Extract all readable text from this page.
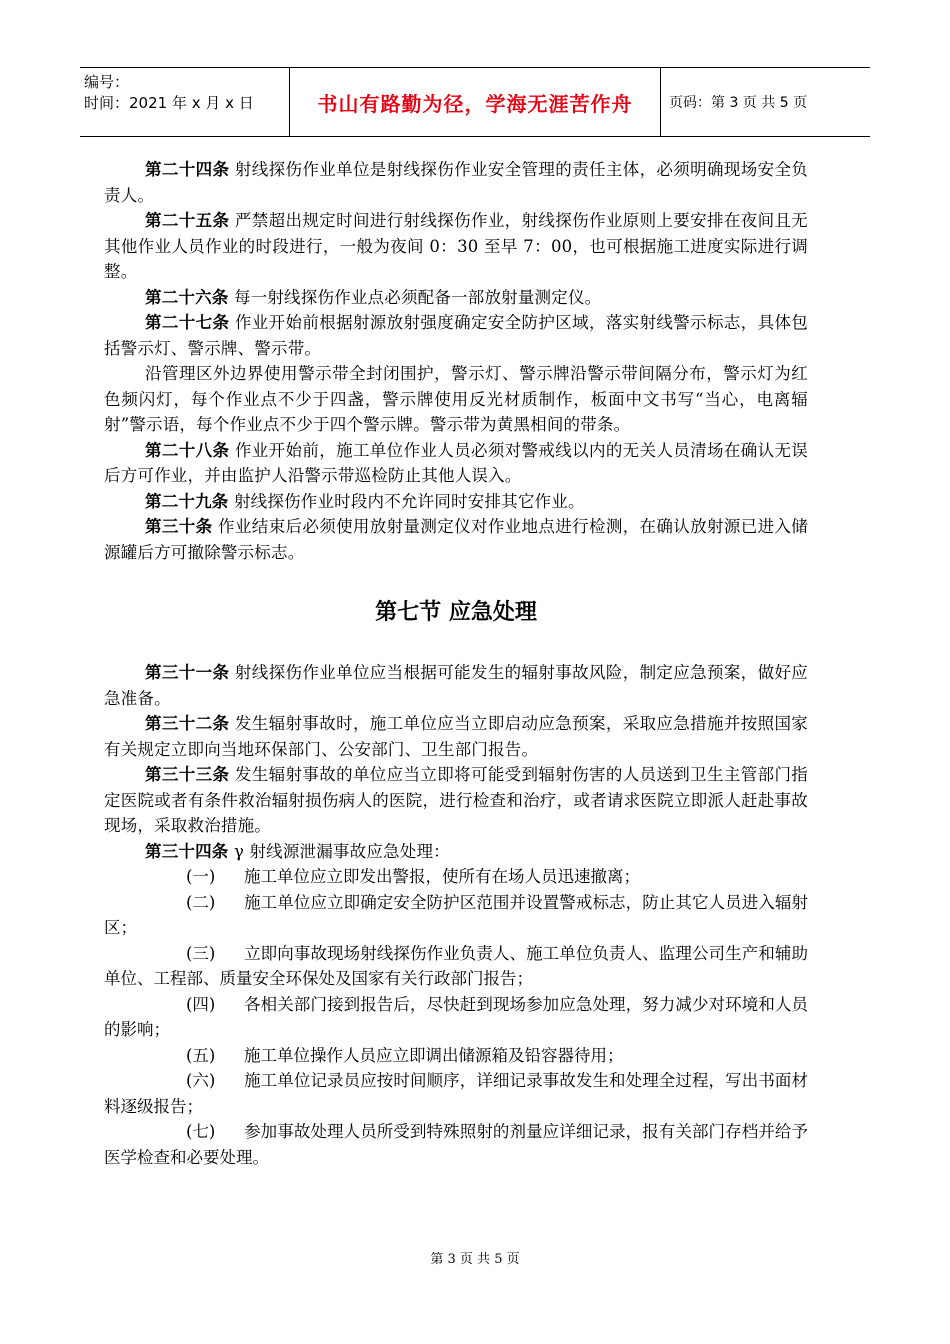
编号：
时间：2021 年 x 月 x 日	书山有路勤为径，学海无涯苦作舟	页码：第 3 页 共 5 页

第二十四条 射线探伤作业单位是射线探伤作业安全管理的责任主体，必须明确现场安全负责人。

第二十五条 严禁超出规定时间进行射线探伤作业，射线探伤作业原则上要安排在夜间且无其他作业人员作业的时段进行，一般为夜间 0：30 至早 7：00，也可根据施工进度实际进行调整。

第二十六条 每一射线探伤作业点必须配备一部放射量测定仪。

第二十七条 作业开始前根据射源放射强度确定安全防护区域，落实射线警示标志，具体包括警示灯、警示牌、警示带。

沿管理区外边界使用警示带全封闭围护，警示灯、警示牌沿警示带间隔分布，警示灯为红色频闪灯，每个作业点不少于四盏，警示牌使用反光材质制作，板面中文书写“当心，电离辐射”警示语，每个作业点不少于四个警示牌。警示带为黄黑相间的带条。

第二十八条 作业开始前，施工单位作业人员必须对警戒线以内的无关人员清场在确认无误后方可作业，并由监护人沿警示带巡检防止其他人误入。

第二十九条 射线探伤作业时段内不允许同时安排其它作业。

第三十条 作业结束后必须使用放射量测定仪对作业地点进行检测，在确认放射源已进入储源罐后方可撤除警示标志。

第七节 应急处理

第三十一条 射线探伤作业单位应当根据可能发生的辐射事故风险，制定应急预案，做好应急准备。

第三十二条 发生辐射事故时，施工单位应当立即启动应急预案，采取应急措施并按照国家有关规定立即向当地环保部门、公安部门、卫生部门报告。

第三十三条 发生辐射事故的单位应当立即将可能受到辐射伤害的人员送到卫生主管部门指定医院或者有条件救治辐射损伤病人的医院，进行检查和治疗，或者请求医院立即派人赶赴事故现场，采取救治措施。

第三十四条 γ 射线源泄漏事故应急处理：

(一) 施工单位应立即发出警报，使所有在场人员迅速撤离；

(二) 施工单位应立即确定安全防护区范围并设置警戒标志，防止其它人员进入辐射区；

(三) 立即向事故现场射线探伤作业负责人、施工单位负责人、监理公司生产和辅助单位、工程部、质量安全环保处及国家有关行政部门报告；

(四) 各相关部门接到报告后，尽快赶到现场参加应急处理，努力减少对环境和人员的影响；

(五) 施工单位操作人员应立即调出储源箱及铅容器待用；

(六) 施工单位记录员应按时间顺序，详细记录事故发生和处理全过程，写出书面材料逐级报告；

(七) 参加事故处理人员所受到特殊照射的剂量应详细记录，报有关部门存档并给予医学检查和必要处理。

第 3 页 共 5 页
